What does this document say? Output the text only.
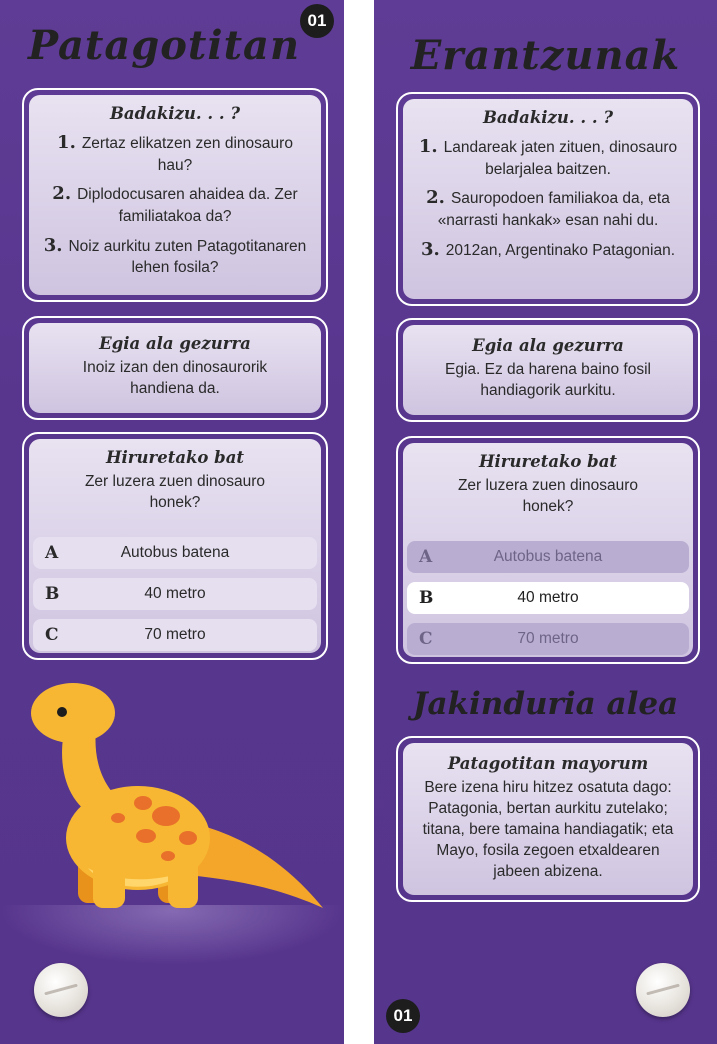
Patagotitan
01
Badakizu. . . ?
1. Zertaz elikatzen zen dinosauro hau?
2. Diplodocusaren ahaidea da. Zer familiatakoa da?
3. Noiz aurkitu zuten Patagotitanaren lehen fosila?
Egia ala gezurra
Inoiz izan den dinosaurorik handiena da.
Hiruretako bat
Zer luzera zuen dinosauro honek?
A	Autobus batena
B	40 metro
C	70 metro
Erantzunak
Badakizu. . . ?
1. Landareak jaten zituen, dinosauro belarjalea baitzen.
2. Sauropodoen familiakoa da, eta «narrasti hankak» esan nahi du.
3. 2012an, Argentinako Patagonian.
Egia ala gezurra
Egia. Ez da harena baino fosil handiagorik aurkitu.
Hiruretako bat
Zer luzera zuen dinosauro honek?
A	Autobus batena
B	40 metro
C	70 metro
Jakinduria alea
Patagotitan mayorum
Bere izena hiru hitzez osatuta dago: Patagonia, bertan aurkitu zutelako; titana, bere tamaina handiagatik; eta Mayo, fosila zegoen etxaldearen jabeen abizena.
01
